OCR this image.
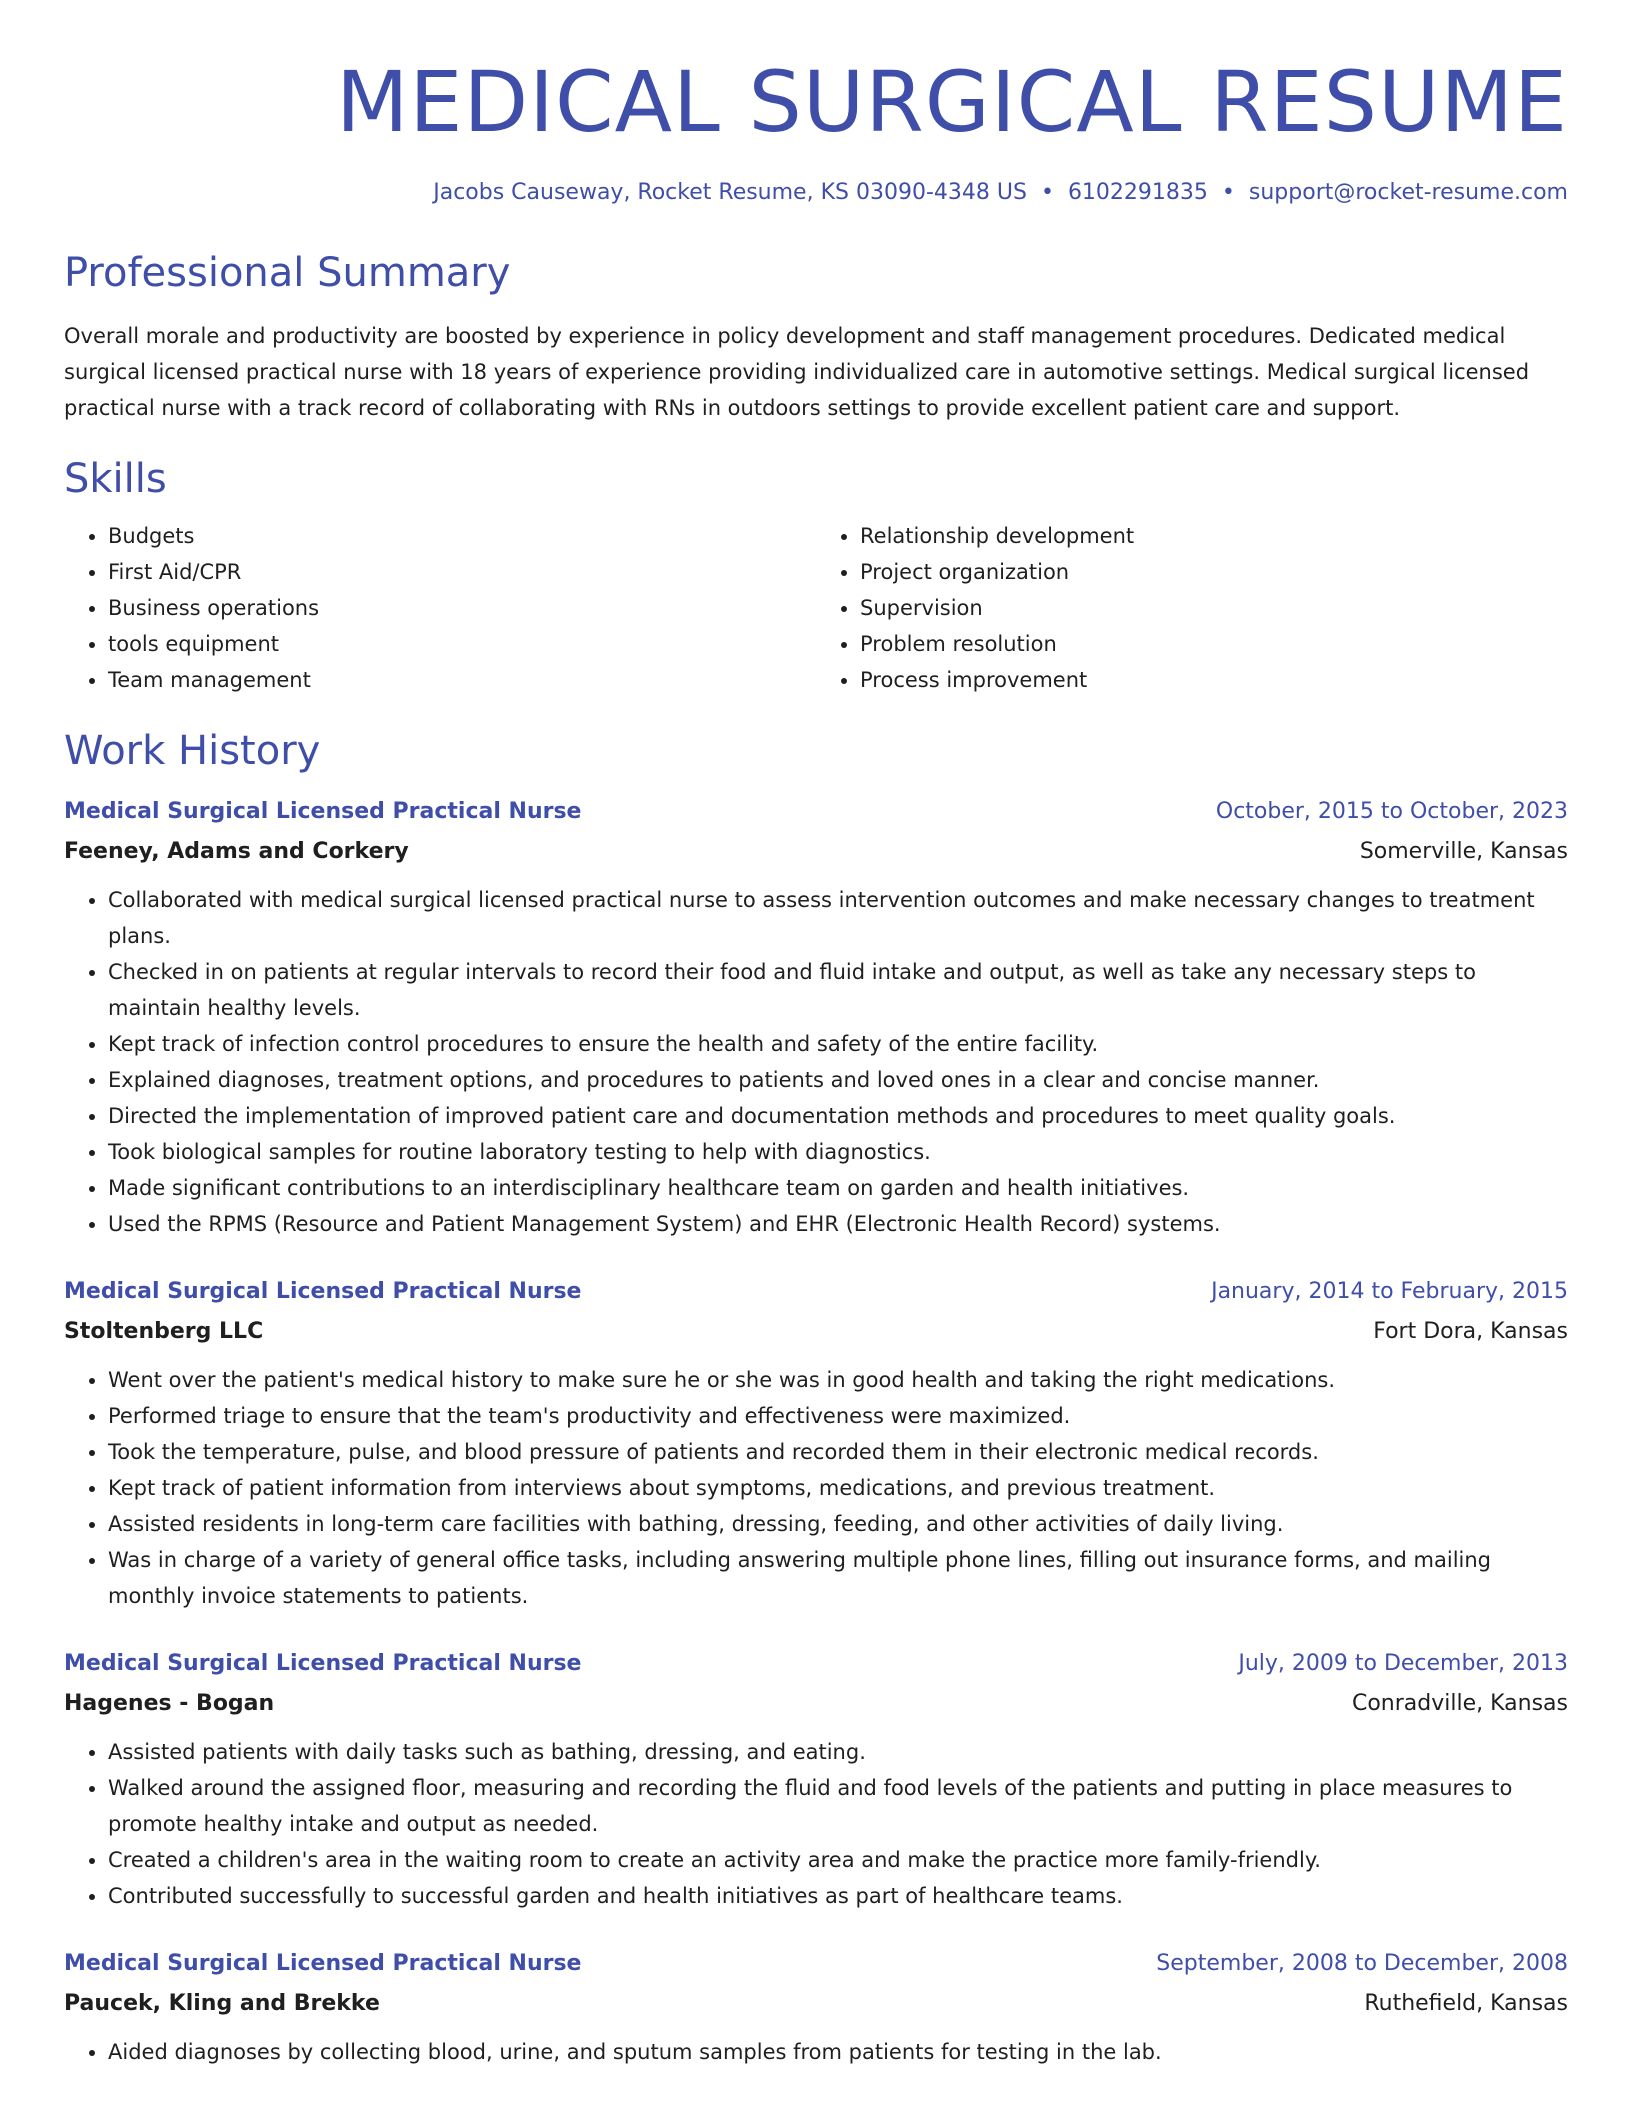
MEDICAL SURGICAL RESUME
Jacobs Causeway, Rocket Resume, KS 03090-4348 US • 6102291835 • support@rocket-resume.com
Professional Summary
Overall morale and productivity are boosted by experience in policy development and staff management procedures. Dedicated medical surgical licensed practical nurse with 18 years of experience providing individualized care in automotive settings. Medical surgical licensed practical nurse with a track record of collaborating with RNs in outdoors settings to provide excellent patient care and support.
Skills
• Budgets
• First Aid/CPR
• Business operations
• tools equipment
• Team management
• Relationship development
• Project organization
• Supervision
• Problem resolution
• Process improvement
Work History
Medical Surgical Licensed Practical Nurse	October, 2015 to October, 2023
Feeney, Adams and Corkery	Somerville, Kansas
• Collaborated with medical surgical licensed practical nurse to assess intervention outcomes and make necessary changes to treatment plans.
• Checked in on patients at regular intervals to record their food and fluid intake and output, as well as take any necessary steps to maintain healthy levels.
• Kept track of infection control procedures to ensure the health and safety of the entire facility.
• Explained diagnoses, treatment options, and procedures to patients and loved ones in a clear and concise manner.
• Directed the implementation of improved patient care and documentation methods and procedures to meet quality goals.
• Took biological samples for routine laboratory testing to help with diagnostics.
• Made significant contributions to an interdisciplinary healthcare team on garden and health initiatives.
• Used the RPMS (Resource and Patient Management System) and EHR (Electronic Health Record) systems.
Medical Surgical Licensed Practical Nurse	January, 2014 to February, 2015
Stoltenberg LLC	Fort Dora, Kansas
• Went over the patient's medical history to make sure he or she was in good health and taking the right medications.
• Performed triage to ensure that the team's productivity and effectiveness were maximized.
• Took the temperature, pulse, and blood pressure of patients and recorded them in their electronic medical records.
• Kept track of patient information from interviews about symptoms, medications, and previous treatment.
• Assisted residents in long-term care facilities with bathing, dressing, feeding, and other activities of daily living.
• Was in charge of a variety of general office tasks, including answering multiple phone lines, filling out insurance forms, and mailing monthly invoice statements to patients.
Medical Surgical Licensed Practical Nurse	July, 2009 to December, 2013
Hagenes - Bogan	Conradville, Kansas
• Assisted patients with daily tasks such as bathing, dressing, and eating.
• Walked around the assigned floor, measuring and recording the fluid and food levels of the patients and putting in place measures to promote healthy intake and output as needed.
• Created a children's area in the waiting room to create an activity area and make the practice more family-friendly.
• Contributed successfully to successful garden and health initiatives as part of healthcare teams.
Medical Surgical Licensed Practical Nurse	September, 2008 to December, 2008
Paucek, Kling and Brekke	Ruthefield, Kansas
• Aided diagnoses by collecting blood, urine, and sputum samples from patients for testing in the lab.
